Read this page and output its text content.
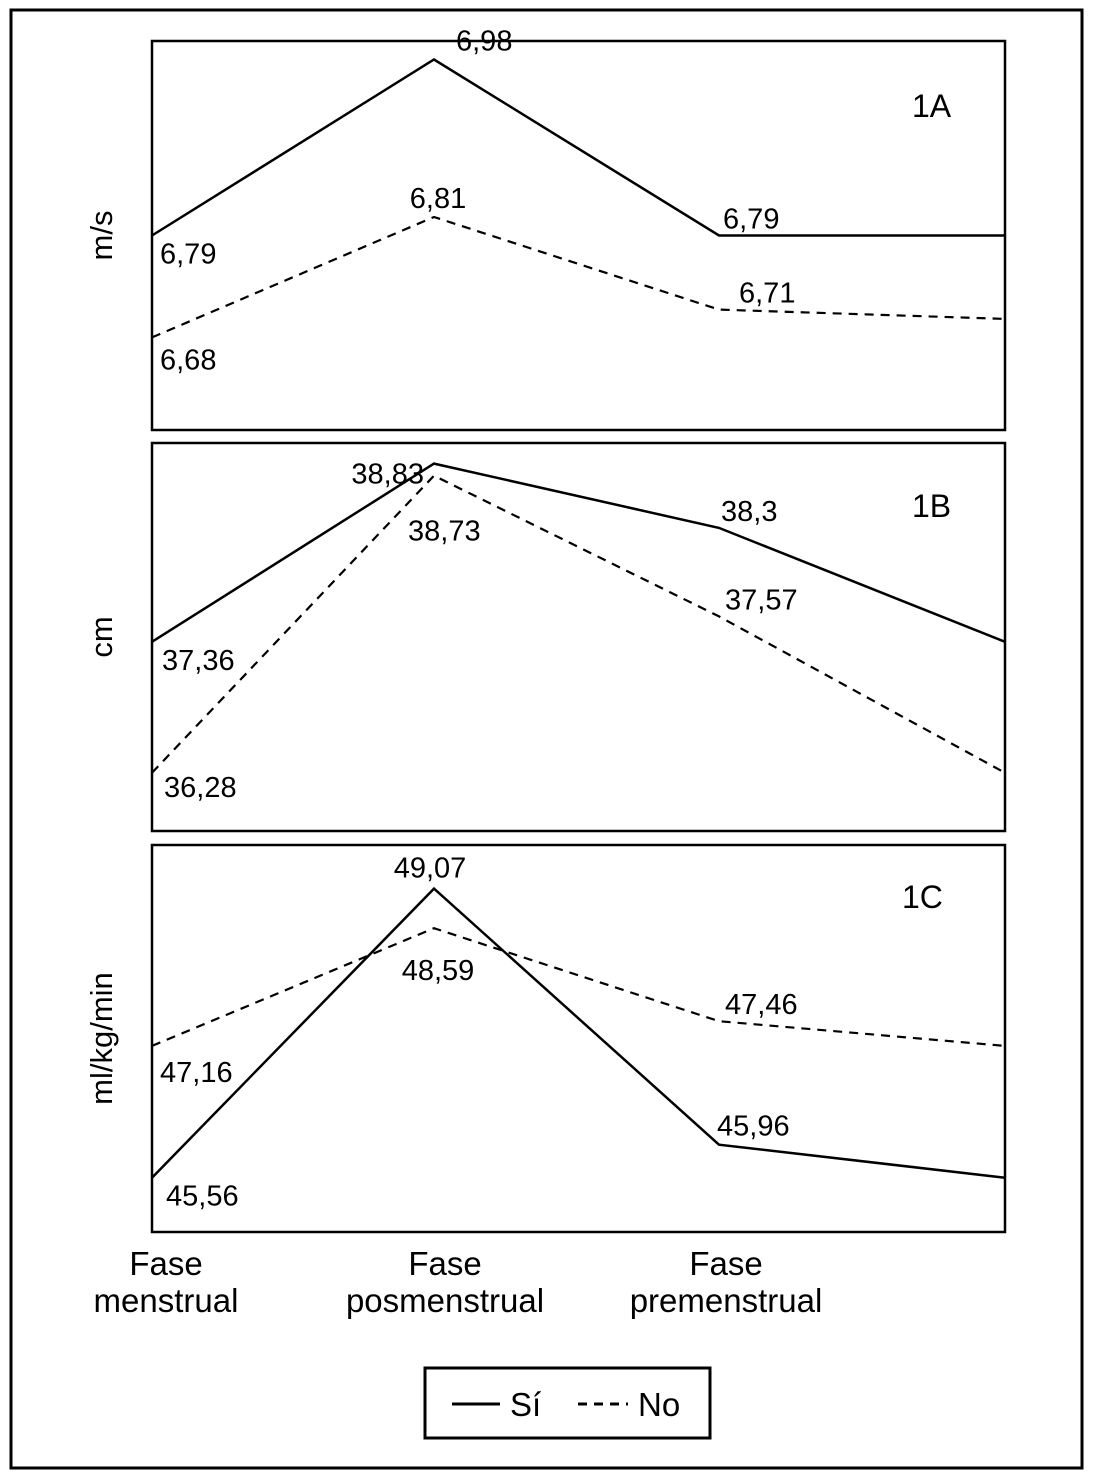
6,79
6,98
6,79
6,68
6,81
6,71
1A
m/s
37,36
38,83
38,3
36,28
38,73
37,57
1B
cm
45,56
49,07
45,96
47,16
48,59
47,46
1C
ml/kg/min
Fase
menstrual
Fase
posmenstrual
Fase
premenstrual
Sí	No
